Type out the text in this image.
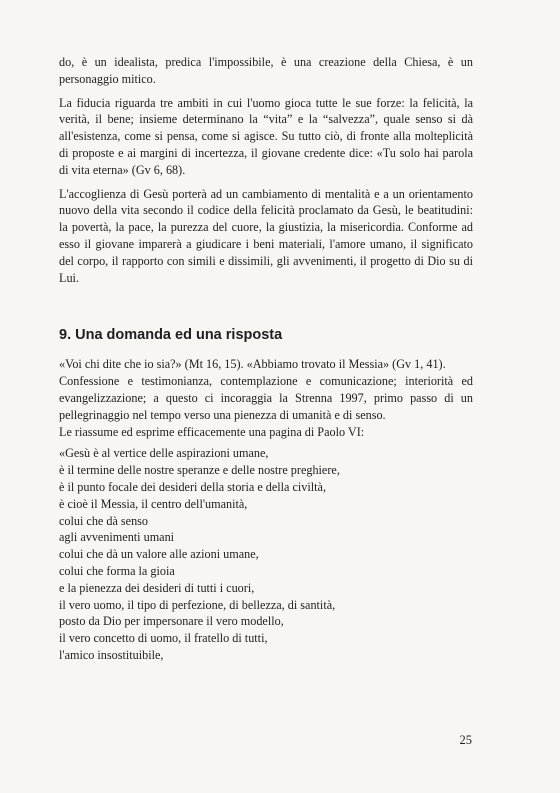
do, è un idealista, predica l'impossibile, è una creazione della Chiesa, è un personaggio mitico.

La fiducia riguarda tre ambiti in cui l'uomo gioca tutte le sue forze: la felicità, la verità, il bene; insieme determinano la “vita” e la “salvezza”, quale senso si dà all'esistenza, come si pensa, come si agisce. Su tutto ciò, di fronte alla molteplicità di proposte e ai margini di incertezza, il giovane credente dice: «Tu solo hai parola di vita eterna» (Gv 6, 68).

L'accoglienza di Gesù porterà ad un cambiamento di mentalità e a un orientamento nuovo della vita secondo il codice della felicità proclamato da Gesù, le beatitudini: la povertà, la pace, la purezza del cuore, la giustizia, la misericordia. Conforme ad esso il giovane imparerà a giudicare i beni materiali, l'amore umano, il significato del corpo, il rapporto con simili e dissimili, gli avvenimenti, il progetto di Dio su di Lui.

9. Una domanda ed una risposta

«Voi chi dite che io sia?» (Mt 16, 15). «Abbiamo trovato il Messia» (Gv 1, 41).

Confessione e testimonianza, contemplazione e comunicazione; interiorità ed evangelizzazione; a questo ci incoraggia la Strenna 1997, primo passo di un pellegrinaggio nel tempo verso una pienezza di umanità e di senso.

Le riassume ed esprime efficacemente una pagina di Paolo VI:

«Gesù è al vertice delle aspirazioni umane,
è il termine delle nostre speranze e delle nostre preghiere,
è il punto focale dei desideri della storia e della civiltà,
è cioè il Messia, il centro dell'umanità,
colui che dà senso
agli avvenimenti umani
colui che dà un valore alle azioni umane,
colui che forma la gioia
e la pienezza dei desideri di tutti i cuori,
il vero uomo, il tipo di perfezione, di bellezza, di santità,
posto da Dio per impersonare il vero modello,
il vero concetto di uomo, il fratello di tutti,
l'amico insostituibile,
25
